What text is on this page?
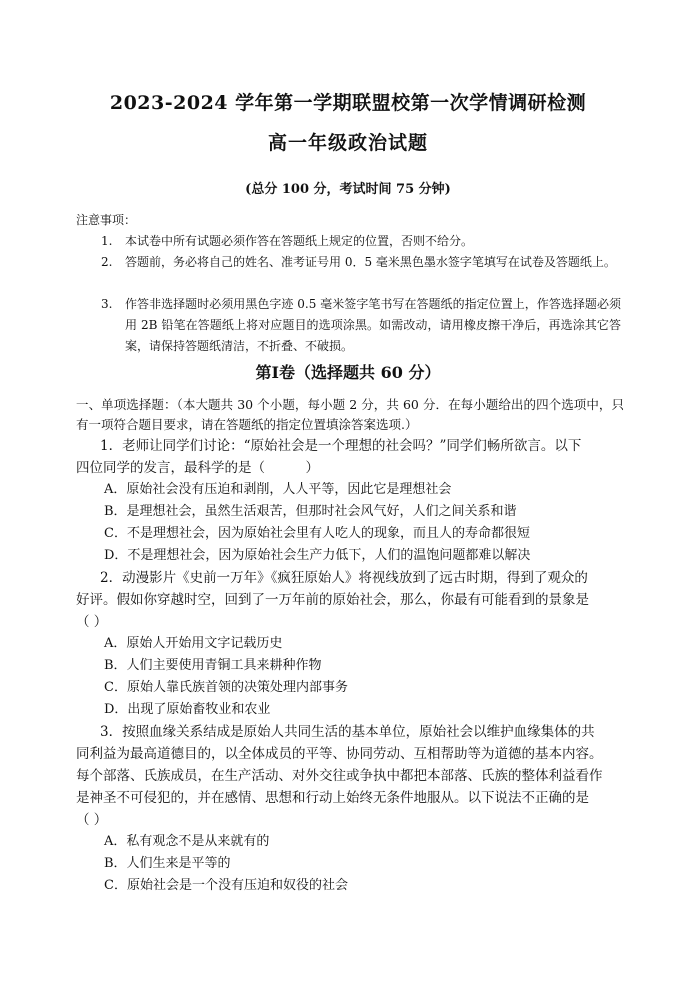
2023-2024 学年第一学期联盟校第一次学情调研检测
高一年级政治试题
(总分 100 分，考试时间 75 分钟)
注意事项：
1.	本试卷中所有试题必须作答在答题纸上规定的位置，否则不给分。
2.	答题前，务必将自己的姓名、准考证号用 0．5 毫米黑色墨水签字笔填写在试卷及答题纸上。
3.	作答非选择题时必须用黑色字迹 0.5 毫米签字笔书写在答题纸的指定位置上，作答选择题必须用 2B 铅笔在答题纸上将对应题目的选项涂黑。如需改动，请用橡皮擦干净后，再选涂其它答案，请保持答题纸清洁，不折叠、不破损。
第Ⅰ卷（选择题共 60 分）
一、单项选择题：（本大题共 30 个小题，每小题 2 分，共 60 分．在每小题给出的四个选项中，只有一项符合题目要求，请在答题纸的指定位置填涂答案选项.）
1．老师让同学们讨论：“原始社会是一个理想的社会吗？”同学们畅所欲言。以下
四位同学的发言，最科学的是（　　　）
A．原始社会没有压迫和剥削，人人平等，因此它是理想社会
B．是理想社会，虽然生活艰苦，但那时社会风气好，人们之间关系和谐
C．不是理想社会，因为原始社会里有人吃人的现象，而且人的寿命都很短
D．不是理想社会，因为原始社会生产力低下，人们的温饱问题都难以解决
2．动漫影片《史前一万年》《疯狂原始人》将视线放到了远古时期，得到了观众的
好评。假如你穿越时空，回到了一万年前的原始社会，那么，你最有可能看到的景象是
（ ）
A．原始人开始用文字记载历史
B．人们主要使用青铜工具来耕种作物
C．原始人靠氏族首领的决策处理内部事务
D．出现了原始畜牧业和农业
3．按照血缘关系结成是原始人共同生活的基本单位，原始社会以维护血缘集体的共
同利益为最高道德目的，以全体成员的平等、协同劳动、互相帮助等为道德的基本内容。
每个部落、氏族成员，在生产活动、对外交往或争执中都把本部落、氏族的整体利益看作
是神圣不可侵犯的，并在感情、思想和行动上始终无条件地服从。以下说法不正确的是
（ ）
A．私有观念不是从来就有的
B．人们生来是平等的
C．原始社会是一个没有压迫和奴役的社会
